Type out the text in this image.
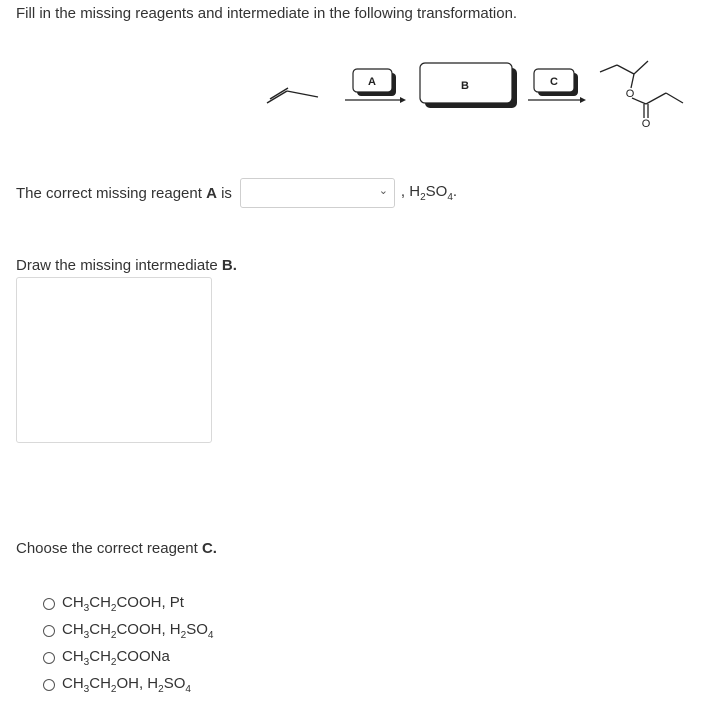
Fill in the missing reagents and intermediate in the following transformation.
A	B	C
O
O
The correct missing reagent A is	⌄ , $H_2SO_4$.
Draw the missing intermediate B.
Choose the correct reagent C.
$CH_3CH_2COOH$, Pt
$CH_3CH_2COOH$, $H_2SO_4$
$CH_3CH_2COONa$
$CH_3CH_2OH$, $H_2SO_4$
